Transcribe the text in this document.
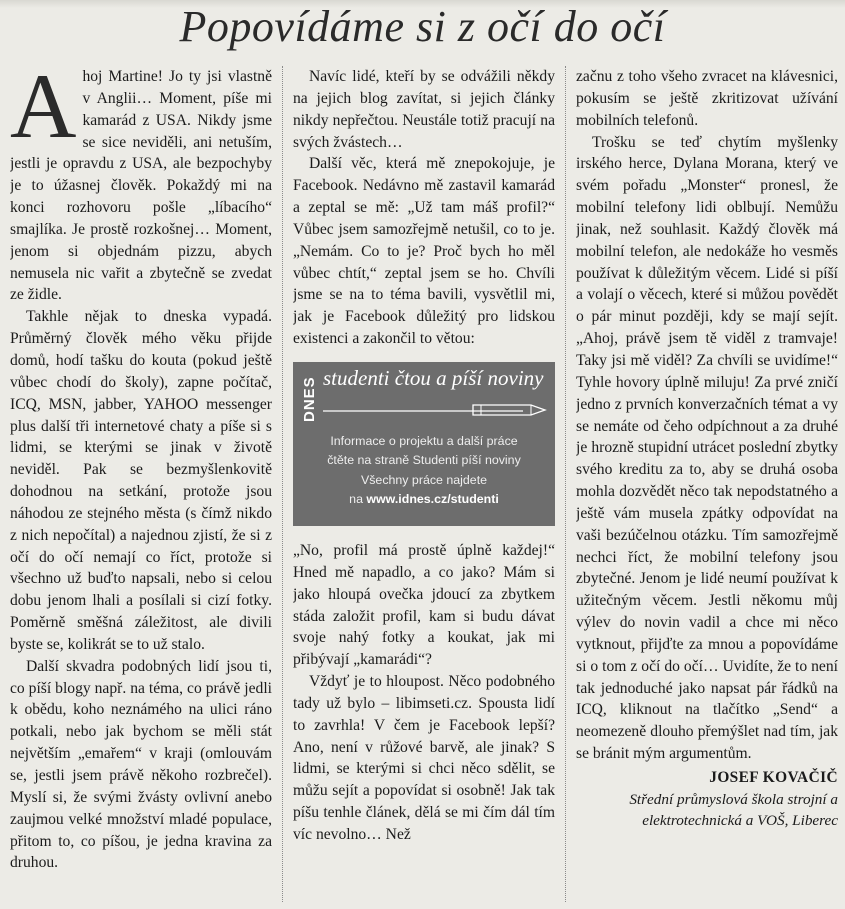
Popovídáme si z očí do očí

Ahoj Martine! Jo ty jsi vlastně v Anglii… Moment, píše mi kamarád z USA. Nikdy jsme se sice neviděli, ani netuším, jestli je opravdu z USA, ale bezpochyby je to úžasnej člověk. Pokaždý mi na konci rozhovoru pošle „líbacího“ smajlíka. Je prostě rozkošnej… Moment, jenom si objednám pizzu, abych nemusela nic vařit a zbytečně se zvedat ze židle.

Takhle nějak to dneska vypadá. Průměrný člověk mého věku přijde domů, hodí tašku do kouta (pokud ještě vůbec chodí do školy), zapne počítač, ICQ, MSN, jabber, YAHOO messenger plus další tři internetové chaty a píše si s lidmi, se kterými se jinak v životě neviděl. Pak se bezmyšlenkovitě dohodnou na setkání, protože jsou náhodou ze stejného města (s čímž nikdo z nich nepočítal) a najednou zjistí, že si z očí do očí nemají co říct, protože si všechno už buďto napsali, nebo si celou dobu jenom lhali a posílali si cizí fotky. Poměrně směšná záležitost, ale divili byste se, kolikrát se to už stalo.

Další skvadra podobných lidí jsou ti, co píší blogy např. na téma, co právě jedli k obědu, koho neznámého na ulici ráno potkali, nebo jak bychom se měli stát největším „emařem“ v kraji (omlouvám se, jestli jsem právě někoho rozbrečel). Myslí si, že svými žvásty ovlivní anebo zaujmou velké množství mladé populace, přitom to, co píšou, je jedna kravina za druhou.

Navíc lidé, kteří by se odvážili někdy na jejich blog zavítat, si jejich články nikdy nepřečtou. Neustále totiž pracují na svých žvástech…

Další věc, která mě znepokojuje, je Facebook. Nedávno mě zastavil kamarád a zeptal se mě: „Už tam máš profil?“ Vůbec jsem samozřejmě netušil, co to je. „Nemám. Co to je? Proč bych ho měl vůbec chtít,“ zeptal jsem se ho. Chvíli jsme se na to téma bavili, vysvětlil mi, jak je Facebook důležitý pro lidskou existenci a zakončil to větou:

DNES studenti čtou a píší noviny
Informace o projektu a další práce
čtěte na straně Studenti píší noviny
Všechny práce najdete
na www.idnes.cz/studenti

„No, profil má prostě úplně každej!“ Hned mě napadlo, a co jako? Mám si jako hloupá ovečka jdoucí za zbytkem stáda založit profil, kam si budu dávat svoje nahý fotky a koukat, jak mi přibývají „kamarádi“?

Vždyť je to hloupost. Něco podobného tady už bylo – libimseti.cz. Spousta lidí to zavrhla! V čem je Facebook lepší? Ano, není v růžové barvě, ale jinak? S lidmi, se kterými si chci něco sdělit, se můžu sejít a popovídat si osobně! Jak tak píšu tenhle článek, dělá se mi čím dál tím víc nevolno… Než

začnu z toho všeho zvracet na klávesnici, pokusím se ještě zkritizovat užívání mobilních telefonů.

Trošku se teď chytím myšlenky irského herce, Dylana Morana, který ve svém pořadu „Monster“ pronesl, že mobilní telefony lidi oblbují. Nemůžu jinak, než souhlasit. Každý člověk má mobilní telefon, ale nedokáže ho vesměs používat k důležitým věcem. Lidé si píší a volají o věcech, které si můžou povědět o pár minut později, kdy se mají sejít. „Ahoj, právě jsem tě viděl z tramvaje! Taky jsi mě viděl? Za chvíli se uvidíme!“ Tyhle hovory úplně miluju! Za prvé zničí jedno z prvních konverzačních témat a vy se nemáte od čeho odpíchnout a za druhé je hrozně stupidní utrácet poslední zbytky svého kreditu za to, aby se druhá osoba mohla dozvědět něco tak nepodstatného a ještě vám musela zpátky odpovídat na vaši bezúčelnou otázku. Tím samozřejmě nechci říct, že mobilní telefony jsou zbytečné. Jenom je lidé neumí používat k užitečným věcem. Jestli někomu můj výlev do novin vadil a chce mi něco vytknout, přijďte za mnou a popovídáme si o tom z očí do očí… Uvidíte, že to není tak jednoduché jako napsat pár řádků na ICQ, kliknout na tlačítko „Send“ a neomezeně dlouho přemýšlet nad tím, jak se bránit mým argumentům.

JOSEF KOVAČIČ
Střední průmyslová škola strojní a
elektrotechnická a VOŠ, Liberec
